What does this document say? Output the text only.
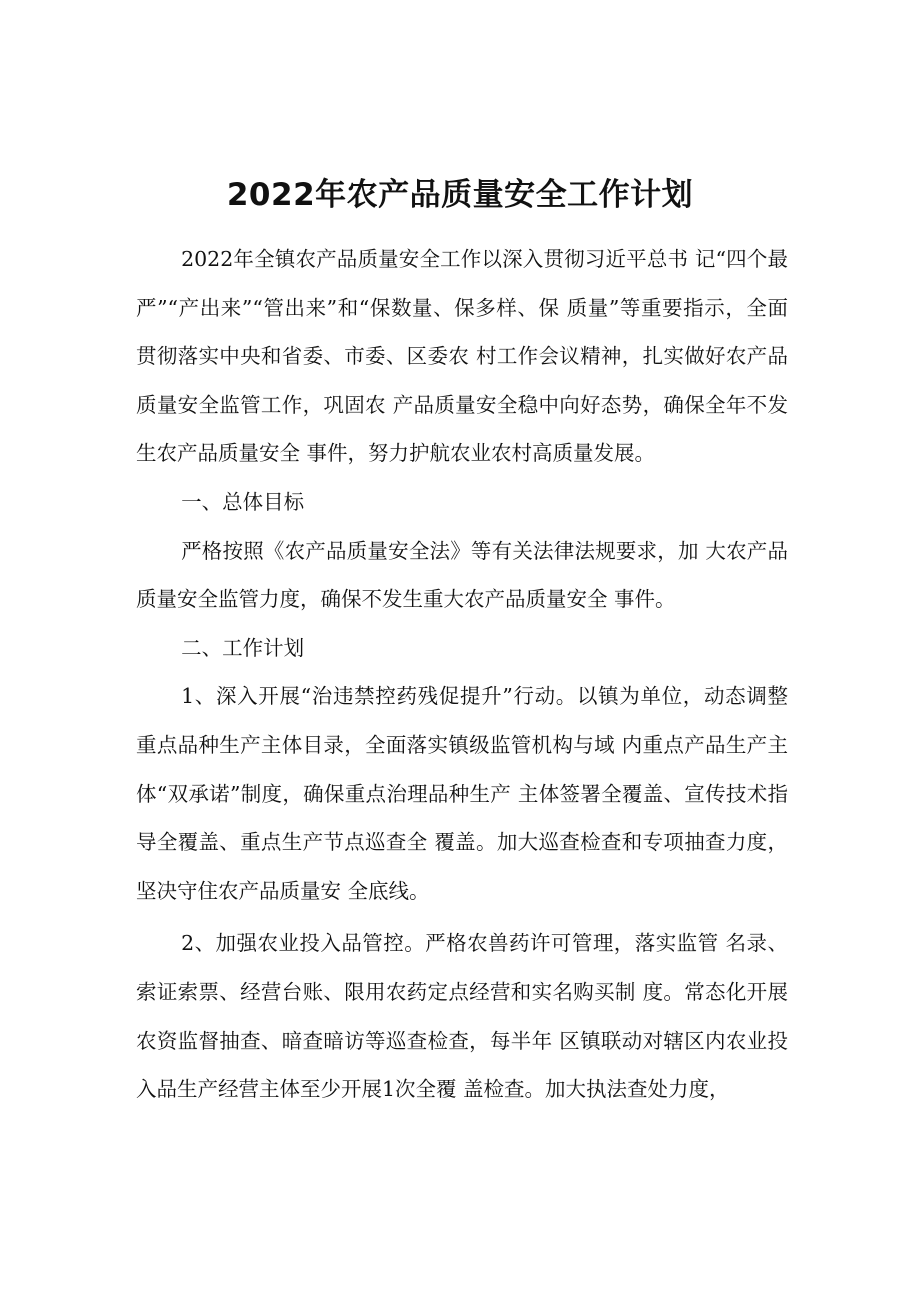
2022年农产品质量安全工作计划

2022年全镇农产品质量安全工作以深入贯彻习近平总书 记“四个最严”“产出来”“管出来”和“保数量、保多样、保 质量”等重要指示，全面贯彻落实中央和省委、市委、区委农 村工作会议精神，扎实做好农产品质量安全监管工作，巩固农 产品质量安全稳中向好态势，确保全年不发生农产品质量安全 事件，努力护航农业农村高质量发展。

一、总体目标

严格按照《农产品质量安全法》等有关法律法规要求，加 大农产品质量安全监管力度，确保不发生重大农产品质量安全 事件。

二、工作计划

1、深入开展“治违禁控药残促提升”行动。以镇为单位，动态调整重点品种生产主体目录，全面落实镇级监管机构与域 内重点产品生产主体“双承诺”制度，确保重点治理品种生产 主体签署全覆盖、宣传技术指导全覆盖、重点生产节点巡查全 覆盖。加大巡查检查和专项抽查力度，坚决守住农产品质量安 全底线。

2、加强农业投入品管控。严格农兽药许可管理，落实监管 名录、索证索票、经营台账、限用农药定点经营和实名购买制 度。常态化开展农资监督抽查、暗查暗访等巡查检查，每半年 区镇联动对辖区内农业投入品生产经营主体至少开展1次全覆 盖检查。加大执法查处力度，
